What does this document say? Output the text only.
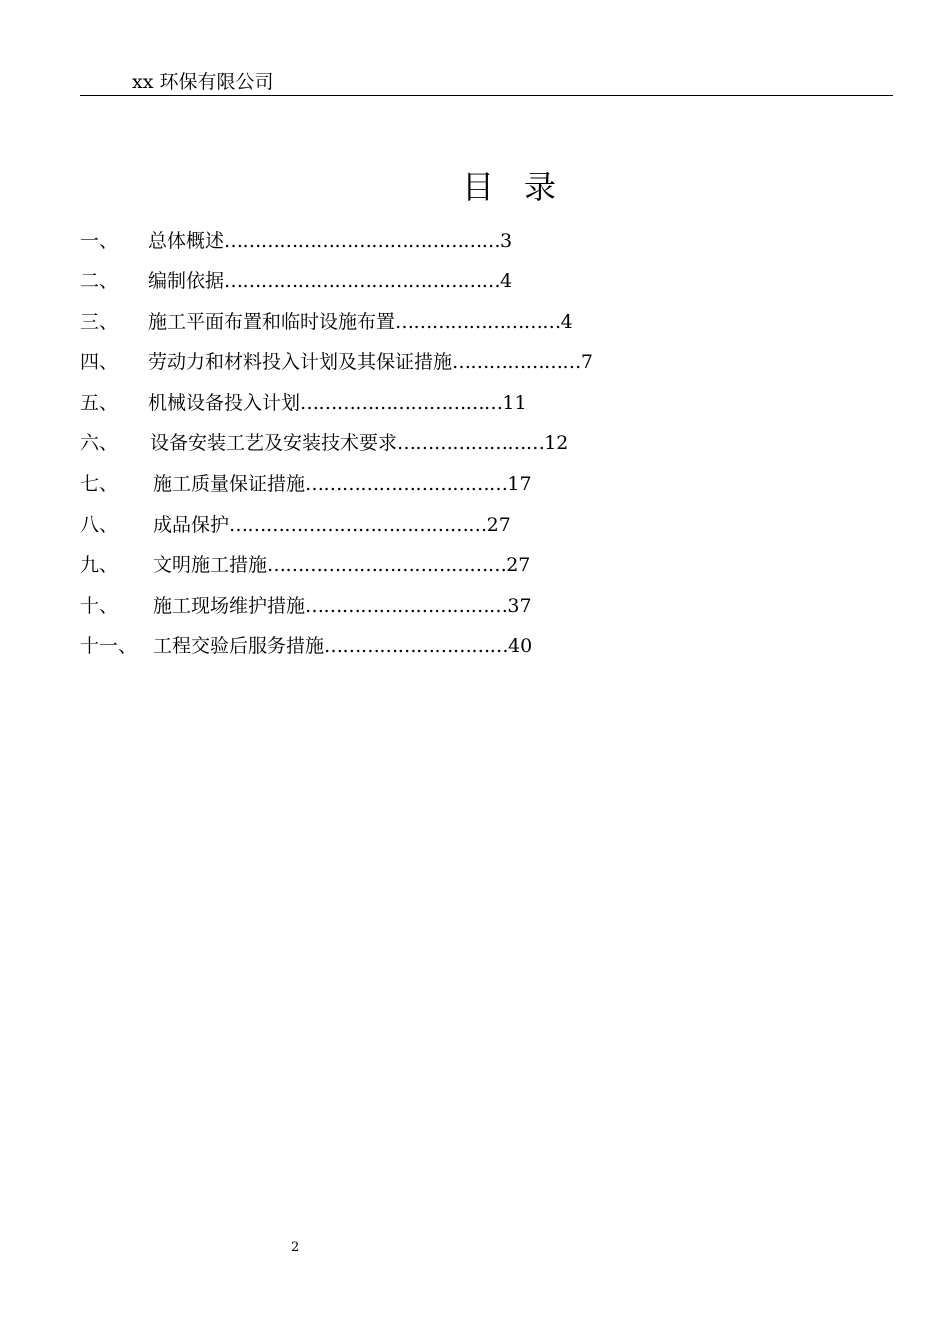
xx 环保有限公司
目录
一、 总体概述………………………………………3
二、 编制依据………………………………………4
三、 施工平面布置和临时设施布置………………………4
四、 劳动力和材料投入计划及其保证措施…………………7
五、 机械设备投入计划……………………………11
六、 设备安装工艺及安装技术要求……………………12
七、 施工质量保证措施……………………………17
八、 成品保护……………………………………27
九、 文明施工措施…………………………………27
十、 施工现场维护措施……………………………37
十一、 工程交验后服务措施…………………………40
2
